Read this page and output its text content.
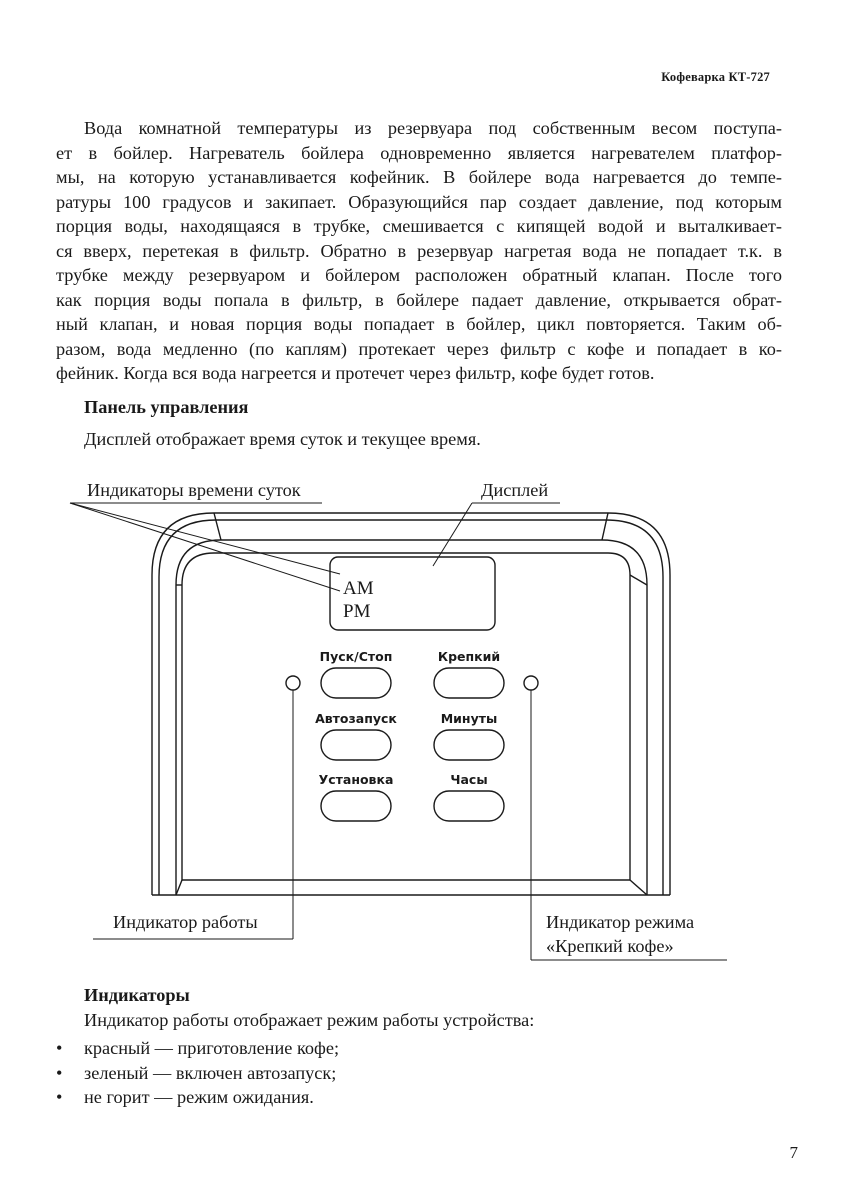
Кофеварка КТ-727

Вода комнатной температуры из резервуара под собственным весом поступа-
ет в бойлер. Нагреватель бойлера одновременно является нагревателем платфор-
мы, на которую устанавливается кофейник. В бойлере вода нагревается до темпе-
ратуры 100 градусов и закипает. Образующийся пар создает давление, под которым
порция воды, находящаяся в трубке, смешивается с кипящей водой и выталкивает-
ся вверх, перетекая в фильтр. Обратно в резервуар нагретая вода не попадает т.к. в
трубке между резервуаром и бойлером расположен обратный клапан. После того
как порция воды попала в фильтр, в бойлере падает давление, открывается обрат-
ный клапан, и новая порция воды попадает в бойлер, цикл повторяется. Таким об-
разом, вода медленно (по каплям) протекает через фильтр с кофе и попадает в ко-
фейник. Когда вся вода нагреется и протечет через фильтр, кофе будет готов.

Панель управления
Дисплей отображает время суток и текущее время.
Индикаторы времени суток	Дисплей
AM
PM
Пуск/Стоп	Крепкий
Автозапуск	Минуты
Установка	Часы
Индикатор работы	Индикатор режима
«Крепкий кофе»
Индикаторы
Индикатор работы отображает режим работы устройства:
• красный — приготовление кофе;
• зеленый — включен автозапуск;
• не горит — режим ожидания.
7
